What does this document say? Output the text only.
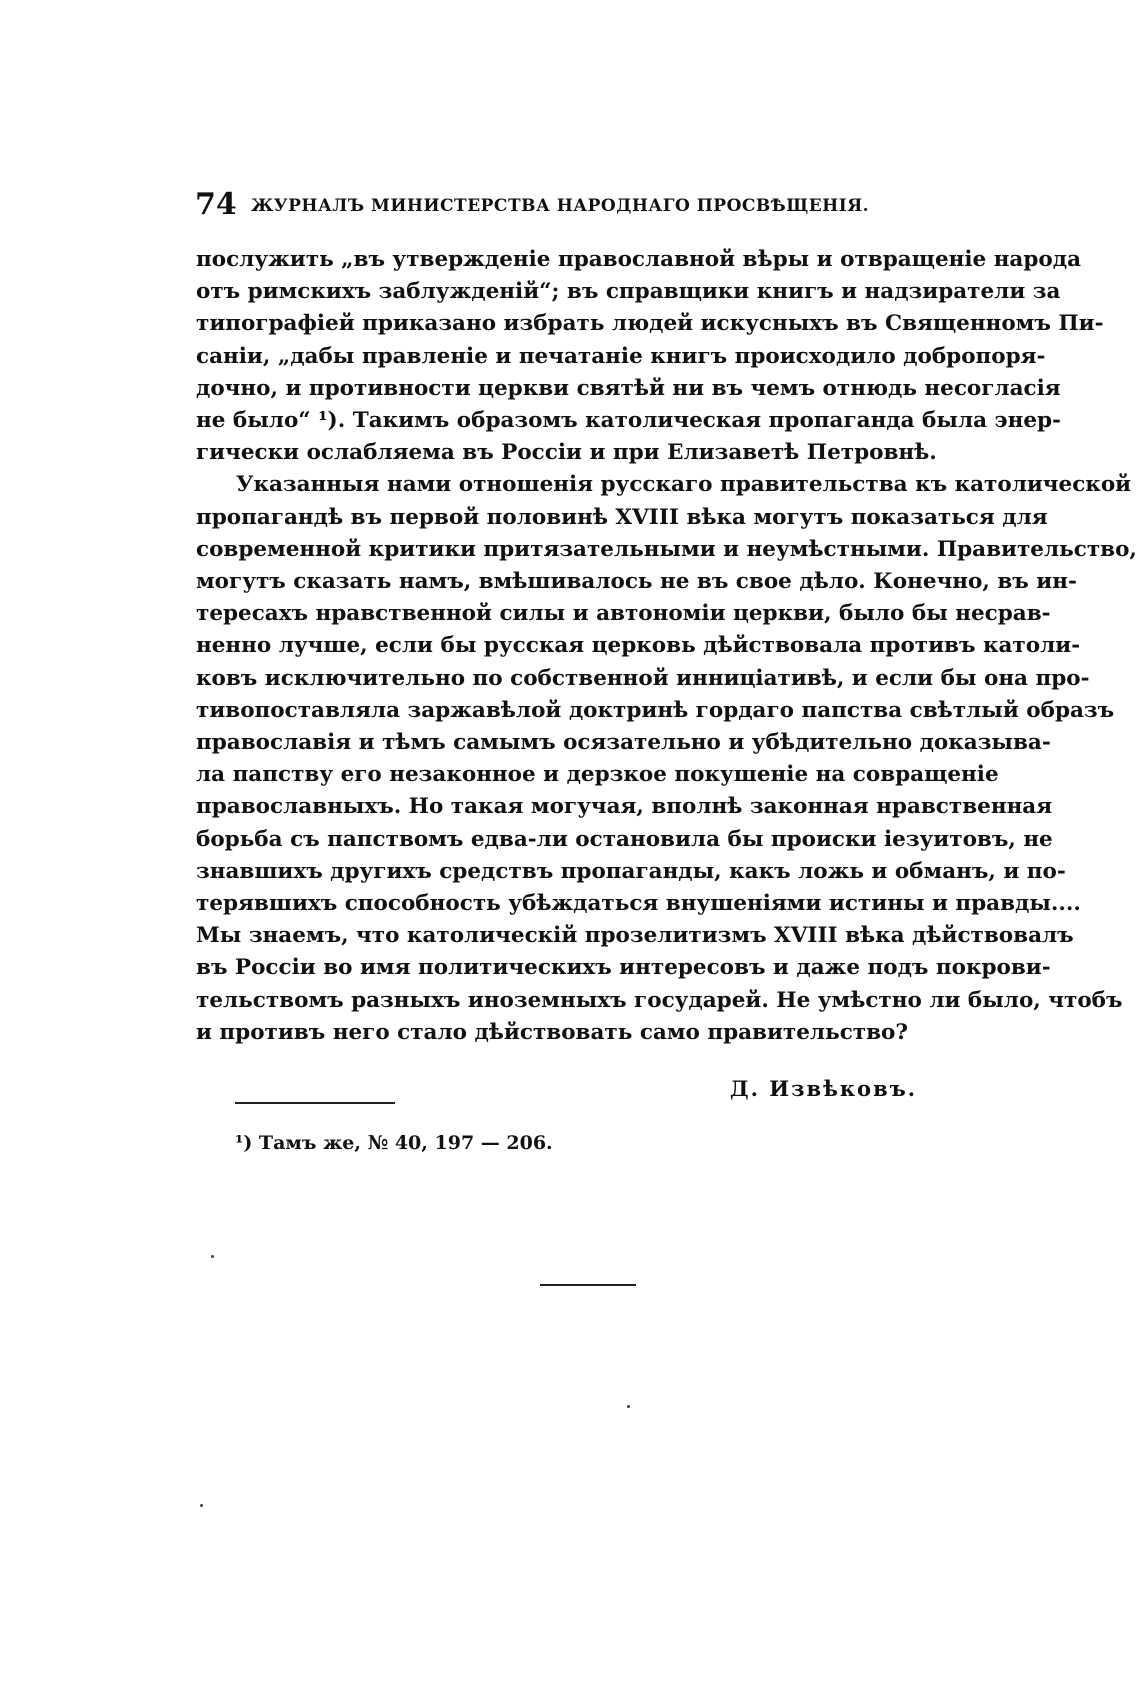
74 ЖУРНАЛЪ МИНИСТЕРСТВА НАРОДНАГО ПРОСВѢЩЕНІЯ.
послужить „въ утвержденіе православной вѣры и отвращеніе народа
отъ римскихъ заблужденій“; въ справщики книгъ и надзиратели за
типографіей приказано избрать людей искусныхъ въ Священномъ Пи-
саніи, „дабы правленіе и печатаніе книгъ происходило добропоря-
дочно, и противности церкви святѣй ни въ чемъ отнюдь несогласія
не было“ ¹). Такимъ образомъ католическая пропаганда была энер-
гически ослабляема въ Россіи и при Елизаветѣ Петровнѣ.
Указанныя нами отношенія русскаго правительства къ католической
пропагандѣ въ первой половинѣ XVIII вѣка могутъ показаться для
современной критики притязательными и неумѣстными. Правительство,
могутъ сказать намъ, вмѣшивалось не въ свое дѣло. Конечно, въ ин-
тересахъ нравственной силы и автономіи церкви, было бы несрав-
ненно лучше, если бы русская церковь дѣйствовала противъ католи-
ковъ исключительно по собственной инниціативѣ, и если бы она про-
тивопоставляла заржавѣлой доктринѣ гордаго папства свѣтлый образъ
православія и тѣмъ самымъ осязательно и убѣдительно доказыва-
ла папству его незаконное и дерзкое покушеніе на совращеніе
православныхъ. Но такая могучая, вполнѣ законная нравственная
борьба съ папствомъ едва-ли остановила бы происки іезуитовъ, не
знавшихъ другихъ средствъ пропаганды, какъ ложь и обманъ, и по-
терявшихъ способность убѣждаться внушеніями истины и правды....
Мы знаемъ, что католическій прозелитизмъ XVIII вѣка дѣйствовалъ
въ Россіи во имя политическихъ интересовъ и даже подъ покрови-
тельствомъ разныхъ иноземныхъ государей. Не умѣстно ли было, чтобъ
и противъ него стало дѣйствовать само правительство?
Д. Извѣковъ.
¹) Тамъ же, № 40, 197 — 206.
